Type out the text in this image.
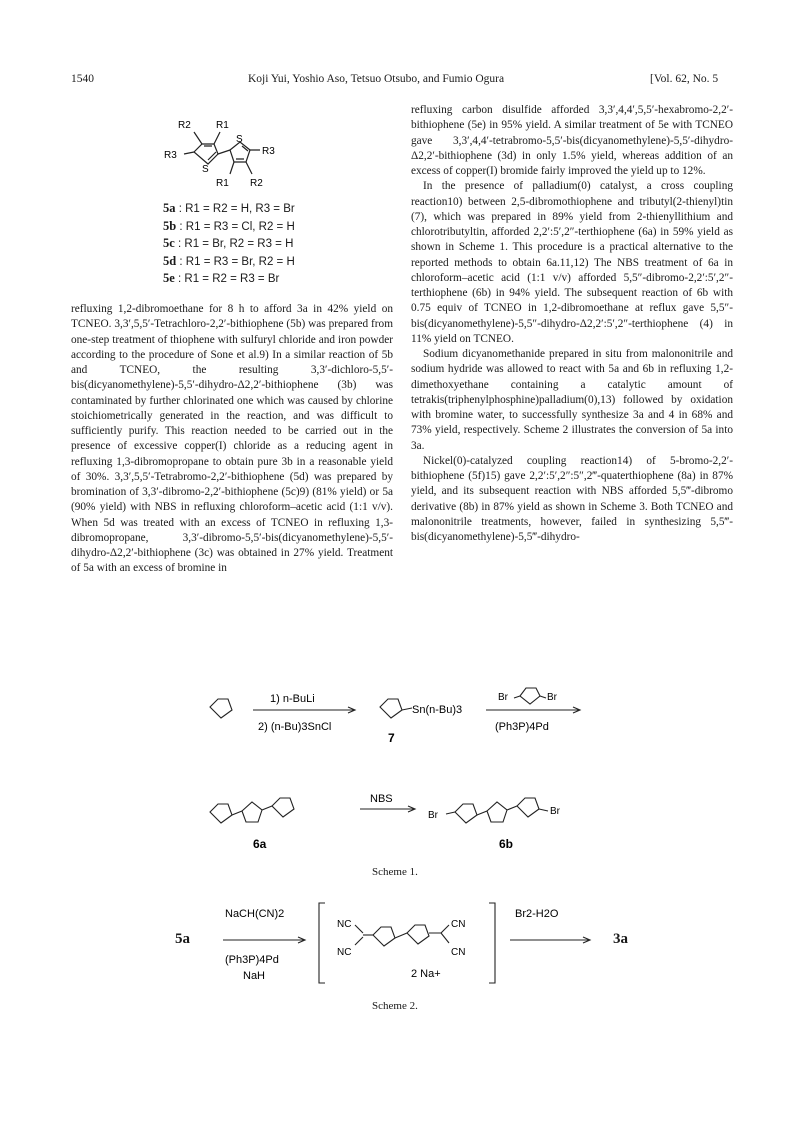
1540	Koji Yui, Yoshio Aso, Tetsuo Otsubo, and Fumio Ogura	[Vol. 62, No. 5
R2	R1
R3	R3
R1 R2
S
S
5a : R1 = R2 = H, R3 = Br
5b : R1 = R3 = Cl, R2 = H
5c : R1 = Br, R2 = R3 = H
5d : R1 = R3 = Br, R2 = H
5e : R1 = R2 = R3 = Br

refluxing 1,2-dibromoethane for 8 h to afford 3a in 42% yield on TCNEO. 3,3′,5,5′-Tetrachloro-2,2′-bithiophene (5b) was prepared from one-step treatment of thiophene with sulfuryl chloride and iron powder according to the procedure of Sone et al.9) In a similar reaction of 5b and TCNEO, the resulting 3,3′-dichloro-5,5′-bis(dicyanomethylene)-5,5′-dihydro-Δ2,2′-bithiophene (3b) was contaminated by further chlorinated one which was caused by chlorine stoichiometrically generated in the reaction, and was difficult to sufficiently purify. This reaction needed to be carried out in the presence of excessive copper(I) chloride as a reducing agent in refluxing 1,3-dibromopropane to obtain pure 3b in a reasonable yield of 30%. 3,3′,5,5′-Tetrabromo-2,2′-bithiophene (5d) was prepared by bromination of 3,3′-dibromo-2,2′-bithiophene (5c)9) (81% yield) or 5a (90% yield) with NBS in refluxing chloroform–acetic acid (1:1 v/v). When 5d was treated with an excess of TCNEO in refluxing 1,3-dibromopropane, 3,3′-dibromo-5,5′-bis(dicyanomethylene)-5,5′-dihydro-Δ2,2′-bithiophene (3c) was obtained in 27% yield. Treatment of 5a with an excess of bromine in

refluxing carbon disulfide afforded 3,3′,4,4′,5,5′-hexabromo-2,2′-bithiophene (5e) in 95% yield. A similar treatment of 5e with TCNEO gave 3,3′,4,4′-tetrabromo-5,5′-bis(dicyanomethylene)-5,5′-dihydro-Δ2,2′-bithiophene (3d) in only 1.5% yield, whereas addition of an excess of copper(I) bromide fairly improved the yield up to 12%.

In the presence of palladium(0) catalyst, a cross coupling reaction10) between 2,5-dibromothiophene and tributyl(2-thienyl)tin (7), which was prepared in 89% yield from 2-thienyllithium and chlorotributyltin, afforded 2,2′:5′,2″-terthiophene (6a) in 59% yield as shown in Scheme 1. This procedure is a practical alternative to the reported methods to obtain 6a.11,12) The NBS treatment of 6a in chloroform–acetic acid (1:1 v/v) afforded 5,5″-dibromo-2,2′:5′,2″-terthiophene (6b) in 94% yield. The subsequent reaction of 6b with 0.75 equiv of TCNEO in 1,2-dibromoethane at reflux gave 5,5″-bis(dicyanomethylene)-5,5″-dihydro-Δ2,2′:5′,2″-terthiophene (4) in 11% yield on TCNEO.

Sodium dicyanomethanide prepared in situ from malononitrile and sodium hydride was allowed to react with 5a and 6b in refluxing 1,2-dimethoxyethane containing a catalytic amount of tetrakis(triphenylphosphine)palladium(0),13) followed by oxidation with bromine water, to successfully synthesize 3a and 4 in 68% and 73% yield, respectively. Scheme 2 illustrates the conversion of 5a into 3a.

Nickel(0)-catalyzed coupling reaction14) of 5-bromo-2,2′-bithiophene (5f)15) gave 2,2′:5′,2″:5″,2‴-quaterthiophene (8a) in 87% yield, and its subsequent reaction with NBS afforded 5,5‴-dibromo derivative (8b) in 87% yield as shown in Scheme 3. Both TCNEO and malononitrile treatments, however, failed in synthesizing 5,5‴-bis(dicyanomethylene)-5,5‴-dihydro-

1) n-BuLi
2) (n-Bu)3SnCl
Sn(n-Bu)3
7
Br	Br
(Ph3P)4Pd
NBS
6a	6b
Br	Br
Scheme 1.
5a
NaCH(CN)2
(Ph3P)4Pd
NaH
NC
NC
CN
CN
2 Na+
Br2-H2O
3a
Scheme 2.
